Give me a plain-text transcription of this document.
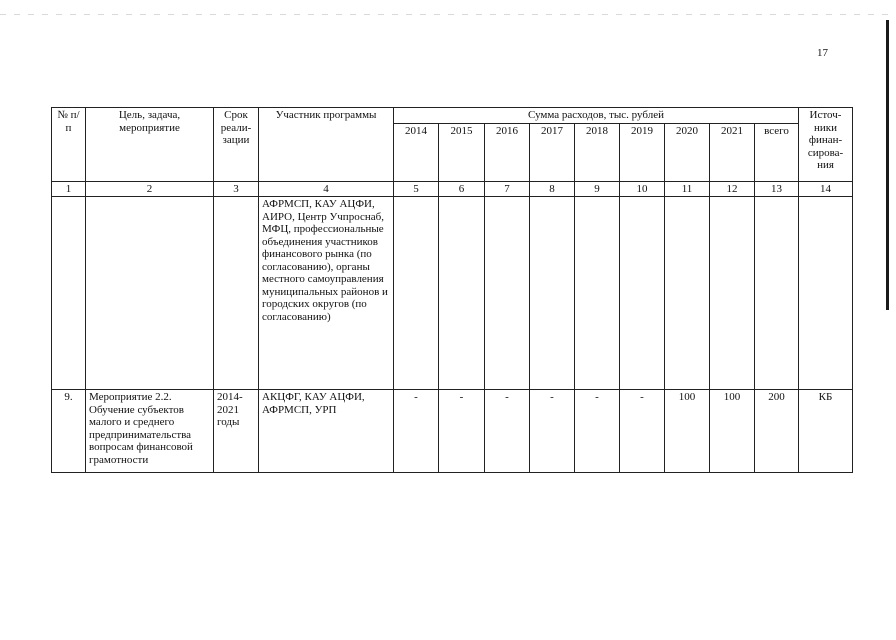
17
№ п/п	Цель, задача, мероприятие	Срок реали-зации	Участник программы	Сумма расходов, тыс. рублей									Источ-ники финан-сирова-ния
				2014	2015	2016	2017	2018	2019	2020	2021	всего	
1	2	3	4	5	6	7	8	9	10	11	12	13	14
			АФРМСП, КАУ АЦФИ, АИРО, Центр Учпроснаб, МФЦ, профессиональные объединения участников финансового рынка (по согласованию), органы местного самоуправления муниципальных районов и городских округов (по согласованию)										
9.	Мероприятие 2.2. Обучение субъектов малого и среднего предпринимательства вопросам финансовой грамотности	2014-2021 годы	АКЦФГ, КАУ АЦФИ, АФРМСП, УРП	-	-	-	-	-	-	100	100	200	КБ
